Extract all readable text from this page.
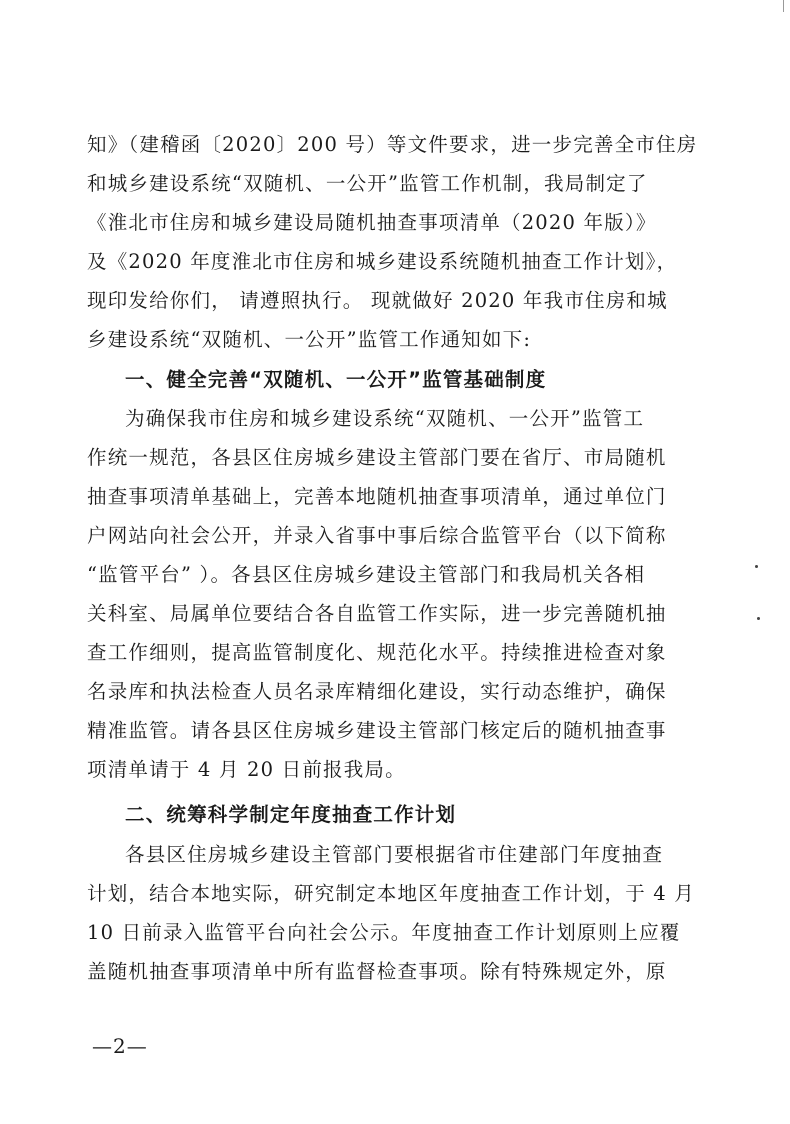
知》（建稽函〔2020〕200 号）等文件要求，进一步完善全市住房
和城乡建设系统“双随机、一公开”监管工作机制，我局制定了
《淮北市住房和城乡建设局随机抽查事项清单（2020 年版）》
及《2020 年度淮北市住房和城乡建设系统随机抽查工作计划》，
现印发给你们， 请遵照执行。 现就做好 2020 年我市住房和城
乡建设系统“双随机、一公开”监管工作通知如下:
一、健全完善“双随机、一公开”监管基础制度
为确保我市住房和城乡建设系统“双随机、一公开”监管工
作统一规范，各县区住房城乡建设主管部门要在省厅、市局随机
抽查事项清单基础上，完善本地随机抽查事项清单，通过单位门
户网站向社会公开，并录入省事中事后综合监管平台（以下简称
“监管平台” ）。各县区住房城乡建设主管部门和我局机关各相
关科室、局属单位要结合各自监管工作实际，进一步完善随机抽
查工作细则，提高监管制度化、规范化水平。持续推进检查对象
名录库和执法检查人员名录库精细化建设，实行动态维护，确保
精准监管。请各县区住房城乡建设主管部门核定后的随机抽查事
项清单请于 4 月 20 日前报我局。
二、统筹科学制定年度抽查工作计划
各县区住房城乡建设主管部门要根据省市住建部门年度抽查
计划，结合本地实际，研究制定本地区年度抽查工作计划，于 4 月
10 日前录入监管平台向社会公示。年度抽查工作计划原则上应覆
盖随机抽查事项清单中所有监督检查事项。除有特殊规定外，原
—2—
